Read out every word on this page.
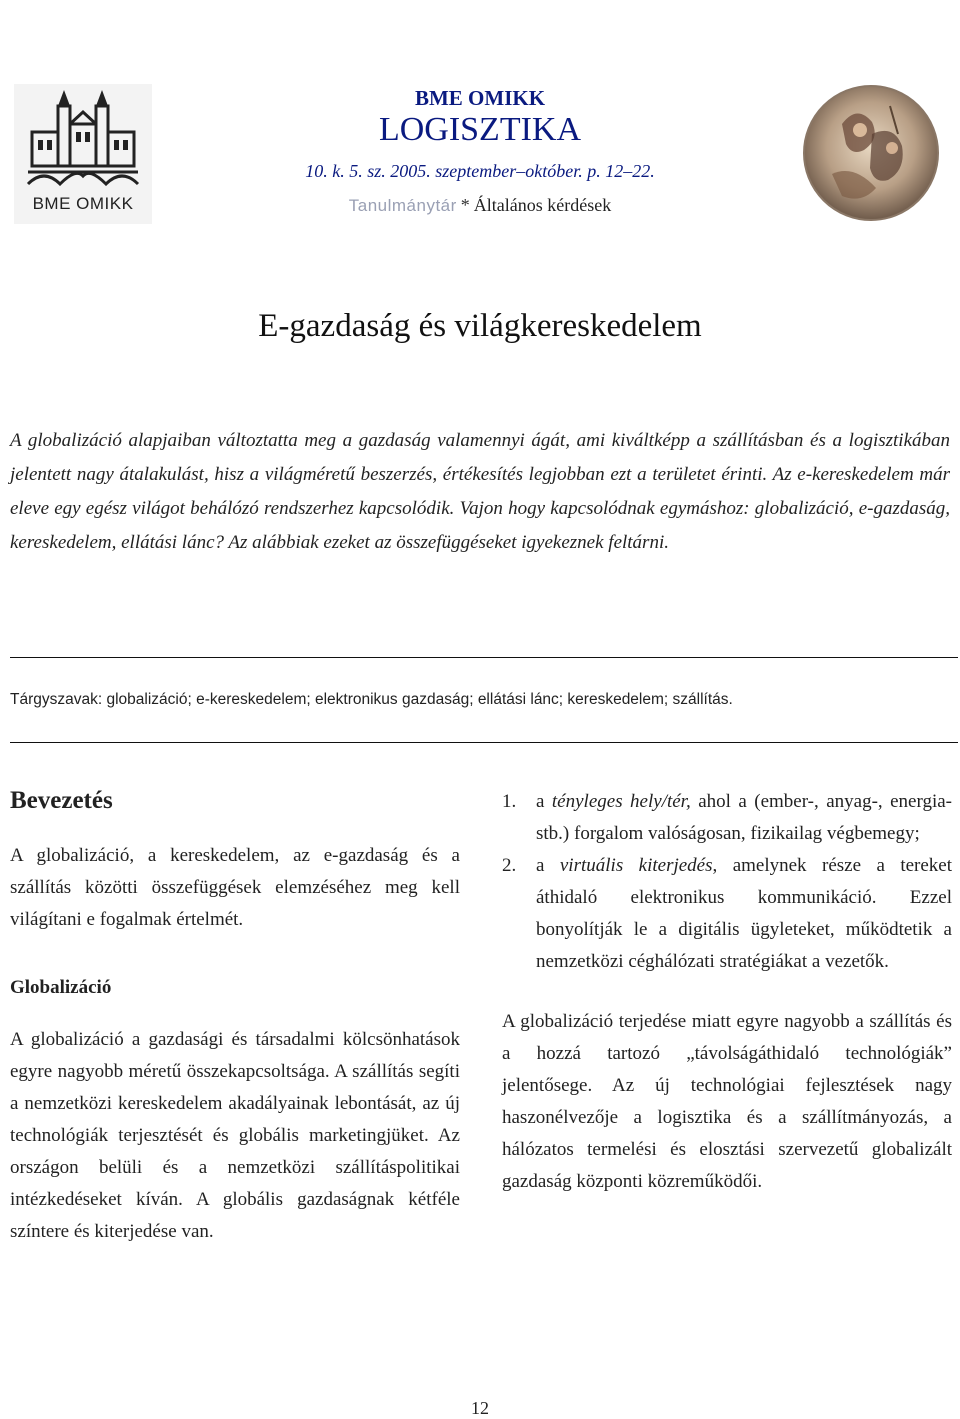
BME OMIKK
BME OMIKK
LOGISZTIKA
10. k. 5. sz. 2005. szeptember–október. p. 12–22.
Tanulmánytár * Általános kérdések
E-gazdaság és világkereskedelem
A globalizáció alapjaiban változtatta meg a gazdaság valamennyi ágát, ami kiváltképp a szállításban és a logisztikában jelentett nagy átalakulást, hisz a világméretű beszerzés, értékesítés legjobban ezt a területet érinti. Az e-kereskedelem már eleve egy egész világot behálózó rendszerhez kapcsolódik. Vajon hogy kapcsolódnak egymáshoz: globalizáció, e-gazdaság, kereskedelem, ellátási lánc? Az alábbiak ezeket az összefüggéseket igyekeznek feltárni.
Tárgyszavak: globalizáció; e-kereskedelem; elektronikus gazdaság; ellátási lánc; kereskedelem; szállítás.
Bevezetés

A globalizáció, a kereskedelem, az e-gazdaság és a szállítás közötti összefüggések elemzéséhez meg kell világítani e fogalmak értelmét.

Globalizáció

A globalizáció a gazdasági és társadalmi kölcsönhatások egyre nagyobb méretű összekapcsoltsága. A szállítás segíti a nemzetközi kereskedelem akadályainak lebontását, az új technológiák terjesztését és globális marketingjüket. Az országon belüli és a nemzetközi szállításpolitikai intézkedéseket kíván. A globális gazdaságnak kétféle színtere és kiterjedése van.

1. a tényleges hely/tér, ahol a (ember-, anyag-, energia- stb.) forgalom valóságosan, fizikailag végbemegy;
2. a virtuális kiterjedés, amelynek része a tereket áthidaló elektronikus kommunikáció. Ezzel bonyolítják le a digitális ügyleteket, működtetik a nemzetközi céghálózati stratégiákat a vezetők.

A globalizáció terjedése miatt egyre nagyobb a szállítás és a hozzá tartozó „távolságáthidaló technológiák” jelentősege. Az új technológiai fejlesztések nagy haszonélvezője a logisztika és a szállítmányozás, a hálózatos termelési és elosztási szervezetű globalizált gazdaság központi közreműködői.

12
